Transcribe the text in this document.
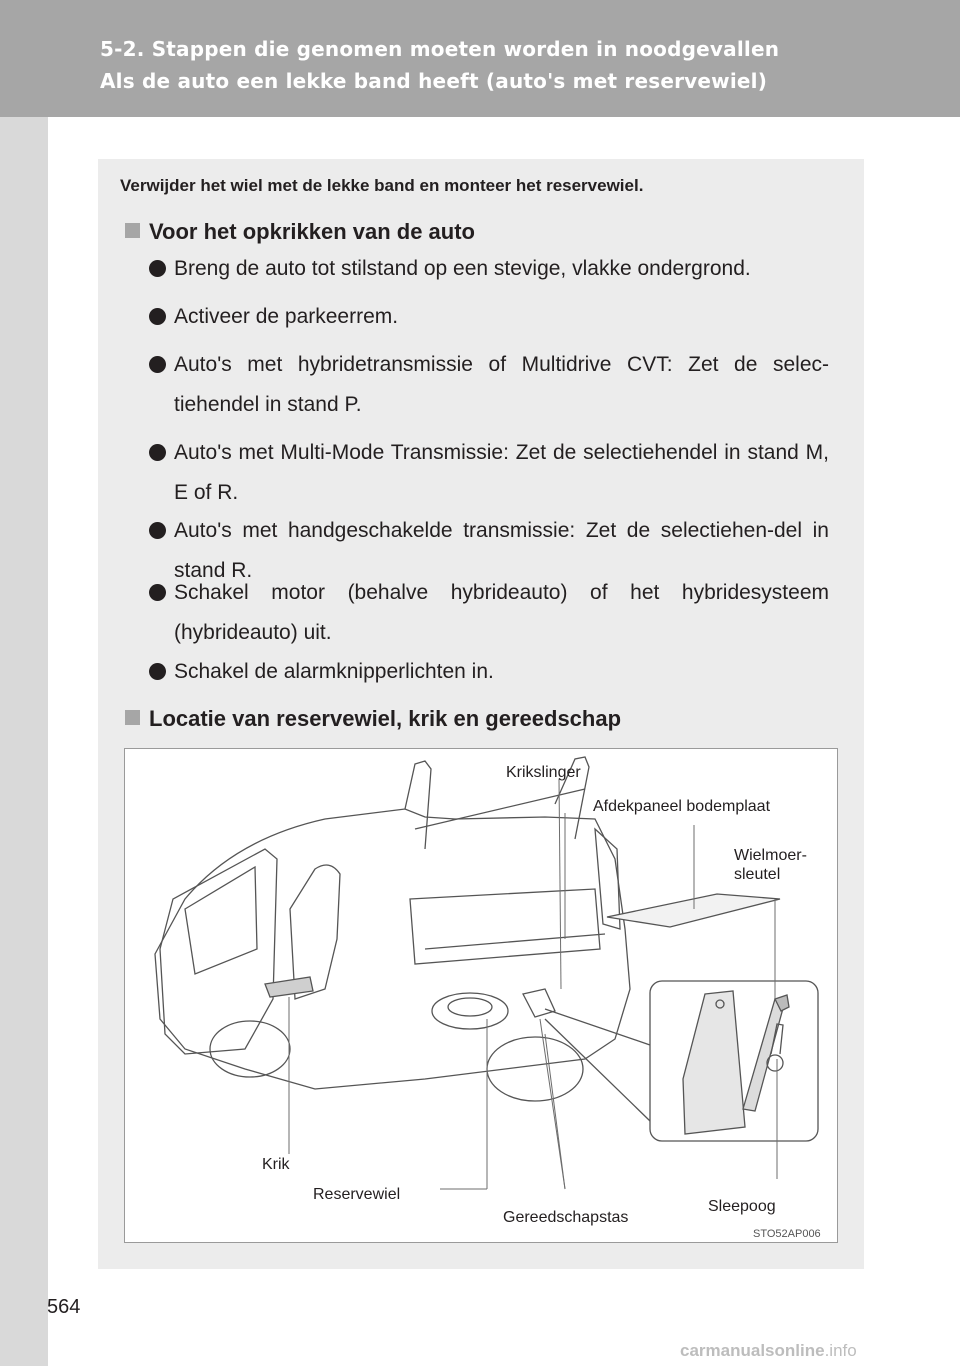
5-2. Stappen die genomen moeten worden in noodgevallen
Als de auto een lekke band heeft (auto's met reservewiel)
Verwijder het wiel met de lekke band en monteer het reservewiel.
Voor het opkrikken van de auto
Breng de auto tot stilstand op een stevige, vlakke ondergrond.
Activeer de parkeerrem.
Auto's met hybridetransmissie of Multidrive CVT: Zet de selec-tiehendel in stand P.
Auto's met Multi-Mode Transmissie: Zet de selectiehendel in stand M, E of R.
Auto's met handgeschakelde transmissie: Zet de selectiehen-del in stand R.
Schakel motor (behalve hybrideauto) of het hybridesysteem (hybrideauto) uit.
Schakel de alarmknipperlichten in.
Locatie van reservewiel, krik en gereedschap
Krikslinger
Afdekpaneel bodemplaat
Wielmoer-
sleutel
Krik
Reservewiel
Gereedschapstas
Sleepoog
STO52AP006
564
carmanualsonline.info
